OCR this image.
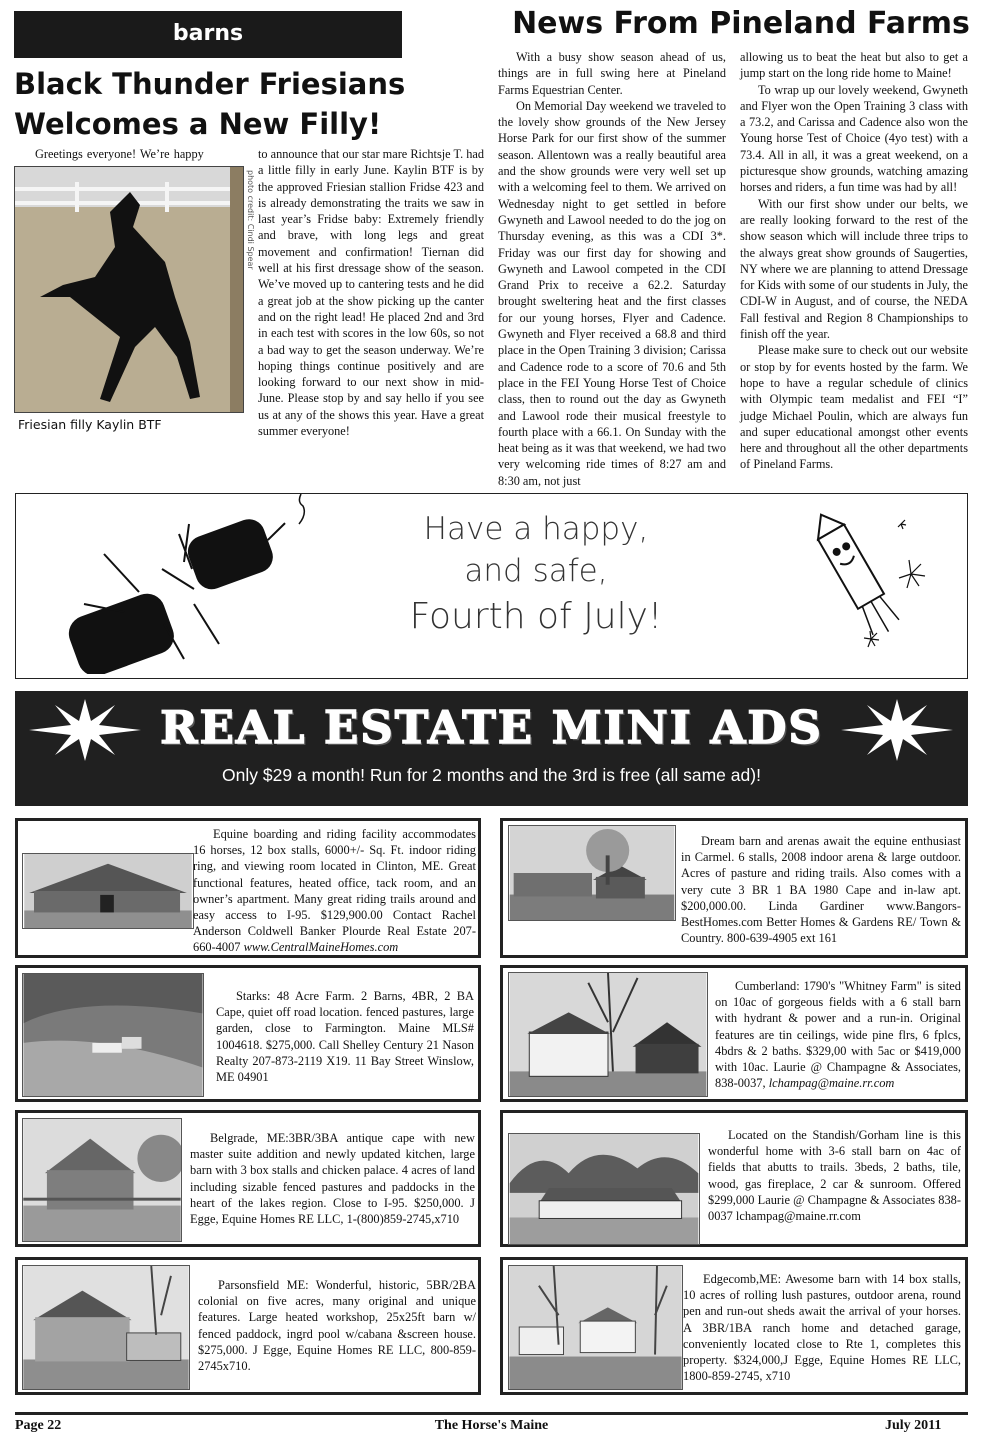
barns
Black Thunder Friesians
Welcomes a New Filly!
Greetings everyone! We’re happy
photo credit: Cindi Spear
Friesian filly Kaylin BTF
to announce that our star mare Richtsje T. had a little filly in early June. Kaylin BTF is by the approved Friesian stallion Fridse 423 and is already demonstrating the traits we saw in last year’s Fridse baby: Extremely friendly and brave, with long legs and great movement and confirmation! Tiernan did well at his first dressage show of the season. We’ve moved up to cantering tests and he did a great job at the show picking up the canter and on the right lead! He placed 2nd and 3rd in each test with scores in the low 60s, so not a bad way to get the season underway. We’re hoping things continue positively and are looking forward to our next show in mid-June. Please stop by and say hello if you see us at any of the shows this year. Have a great summer everyone!
News From Pineland Farms

With a busy show season ahead of us, things are in full swing here at Pineland Farms Equestrian Center.

On Memorial Day weekend we traveled to the lovely show grounds of the New Jersey Horse Park for our first show of the summer season. Allentown was a really beautiful area and the show grounds were very well set up with a welcoming feel to them. We arrived on Wednesday night to get settled in before Gwyneth and Lawool needed to do the jog on Thursday evening, as this was a CDI 3*. Friday was our first day for showing and Gwyneth and Lawool competed in the CDI Grand Prix to receive a 62.2. Saturday brought sweltering heat and the first classes for our young horses, Flyer and Cadence. Gwyneth and Flyer received a 68.8 and third place in the Open Training 3 division; Carissa and Cadence rode to a score of 70.6 and 5th place in the FEI Young Horse Test of Choice class, then to round out the day as Gwyneth and Lawool rode their musical freestyle to fourth place with a 66.1. On Sunday with the heat being as it was that weekend, we had two very welcoming ride times of 8:27 am and 8:30 am, not just

allowing us to beat the heat but also to get a jump start on the long ride home to Maine!

To wrap up our lovely weekend, Gwyneth and Flyer won the Open Training 3 class with a 73.2, and Carissa and Cadence also won the Young horse Test of Choice (4yo test) with a 73.4. All in all, it was a great weekend, on a picturesque show grounds, watching amazing horses and riders, a fun time was had by all!

With our first show under our belts, we are really looking forward to the rest of the show season which will include three trips to the always great show grounds of Saugerties, NY where we are planning to attend Dressage for Kids with some of our students in July, the CDI-W in August, and of course, the NEDA Fall festival and Region 8 Championships to finish off the year.

Please make sure to check out our website or stop by for events hosted by the farm. We hope to have a regular schedule of clinics with Olympic team medalist and FEI “I” judge Michael Poulin, which are always fun and super educational amongst other events here and throughout all the other departments of Pineland Farms.

Have a happy,
and safe,
Fourth of July!
REAL ESTATE MINI ADS
Only $29 a month! Run for 2 months and the 3rd is free (all same ad)!
Equine boarding and riding facility accommodates 16 horses, 12 box stalls, 6000+/- Sq. Ft. indoor riding ring, and viewing room located in Clinton, ME. Great functional features, heated office, tack room, and an owner’s apartment. Many great riding trails around and easy access to I-95. $129,900.00 Contact Rachel Anderson Coldwell Banker Plourde Real Estate 207-660-4007 www.CentralMaineHomes.com
Dream barn and arenas await the equine enthusiast in Carmel. 6 stalls, 2008 indoor arena & large outdoor. Acres of pasture and riding trails. Also comes with a very cute 3 BR 1 BA 1980 Cape and in-law apt. $200,000.00. Linda Gardiner www.Bangors-BestHomes.com Better Homes & Gardens RE/ Town & Country. 800-639-4905 ext 161
Starks: 48 Acre Farm. 2 Barns, 4BR, 2 BA Cape, quiet off road location. fenced pastures, large garden, close to Farmington. Maine MLS# 1004618. $275,000. Call Shelley Century 21 Nason Realty 207-873-2119 X19. 11 Bay Street Winslow, ME 04901
Cumberland: 1790's "Whitney Farm" is sited on 10ac of gorgeous fields with a 6 stall barn with hydrant & power and a run-in. Original features are tin ceilings, wide pine flrs, 6 fplcs, 4bdrs & 2 baths. $329,00 with 5ac or $419,000 with 10ac. Laurie @ Champagne & Associates, 838-0037, lchampag@maine.rr.com
Belgrade, ME:3BR/3BA antique cape with new master suite addition and newly updated kitchen, large barn with 3 box stalls and chicken palace. 4 acres of land including sizable fenced pastures and paddocks in the heart of the lakes region. Close to I-95. $250,000. J Egge, Equine Homes RE LLC, 1-(800)859-2745,x710
Located on the Standish/Gorham line is this wonderful home with 3-6 stall barn on 4ac of fields that abutts to trails. 3beds, 2 baths, tile, wood, gas fireplace, 2 car & sunroom. Offered $299,000 Laurie @ Champagne & Associates 838-0037 lchampag@maine.rr.com
Parsonsfield ME: Wonderful, historic, 5BR/2BA colonial on five acres, many original and unique features. Large heated workshop, 25x25ft barn w/ fenced paddock, ingrd pool w/cabana &screen house. $275,000. J Egge, Equine Homes RE LLC, 800-859-2745x710.
Edgecomb,ME: Awesome barn with 14 box stalls, 10 acres of rolling lush pastures, outdoor arena, round pen and run-out sheds await the arrival of your horses. A 3BR/1BA ranch home and detached garage, conveniently located close to Rte 1, completes this property. $324,000,J Egge, Equine Homes RE LLC, 1800-859-2745, x710
Page 22	The Horse's Maine	July 2011
